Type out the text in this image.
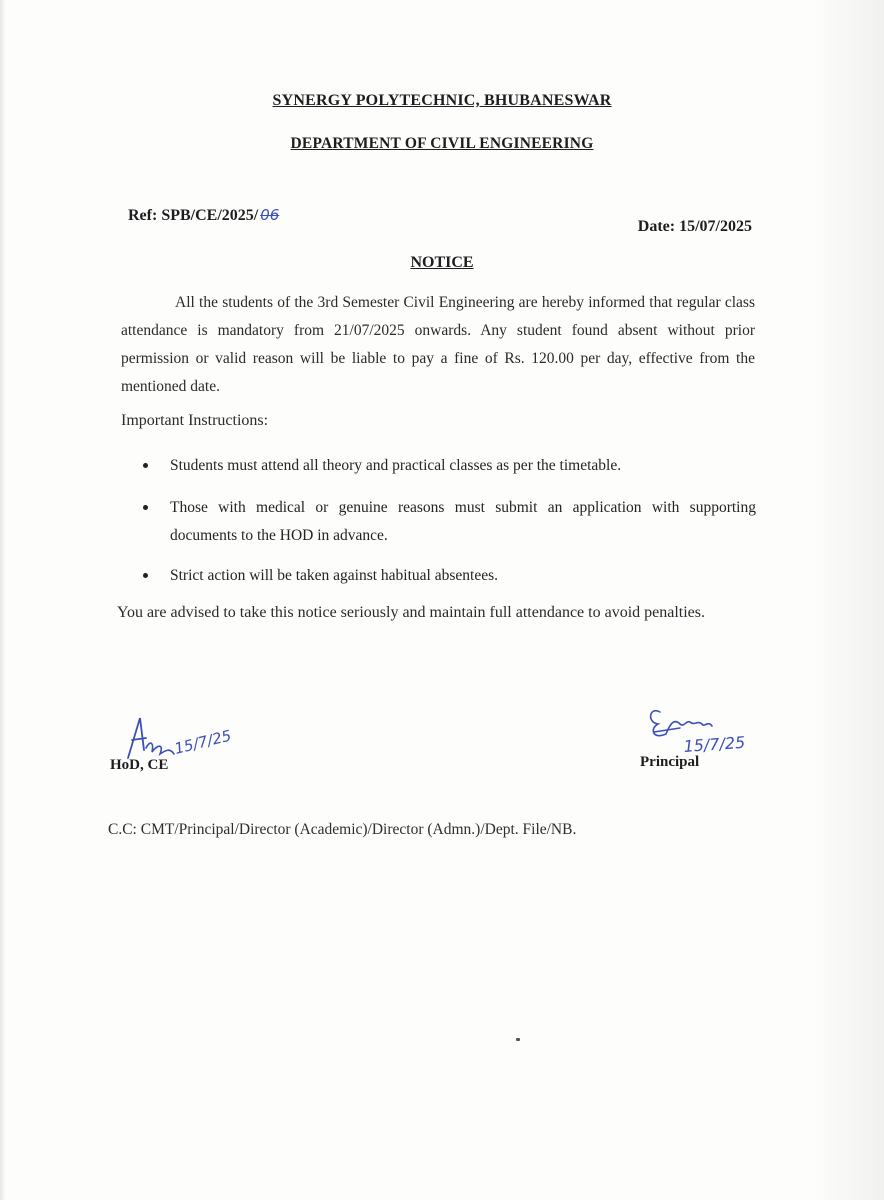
SYNERGY POLYTECHNIC, BHUBANESWAR
DEPARTMENT OF CIVIL ENGINEERING
Ref: SPB/CE/2025/ 06
Date: 15/07/2025
NOTICE

All the students of the 3rd Semester Civil Engineering are hereby informed that regular class attendance is mandatory from 21/07/2025 onwards. Any student found absent without prior permission or valid reason will be liable to pay a fine of Rs. 120.00 per day, effective from the mentioned date.

Important Instructions:
Students must attend all theory and practical classes as per the timetable.
Those with medical or genuine reasons must submit an application with supporting documents to the HOD in advance.
Strict action will be taken against habitual absentees.
You are advised to take this notice seriously and maintain full attendance to avoid penalties.
15/7/25
HoD, CE
15/7/25
Principal
C.C: CMT/Principal/Director (Academic)/Director (Admn.)/Dept. File/NB.
